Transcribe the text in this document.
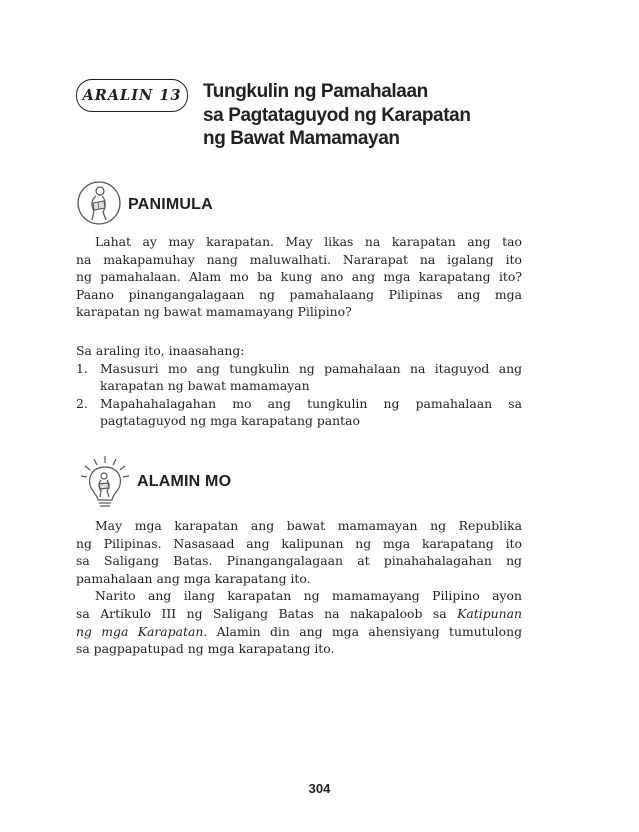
ARALIN 13 Tungkulin ng Pamahalaan
sa Pagtataguyod ng Karapatan
ng Bawat Mamamayan
PANIMULA
Lahat ay may karapatan. May likas na karapatan ang tao
na makapamuhay nang maluwalhati. Nararapat na igalang ito
ng pamahalaan. Alam mo ba kung ano ang mga karapatang ito?
Paano pinangangalagaan ng pamahalaang Pilipinas ang mga
karapatan ng bawat mamamayang Pilipino?
Sa araling ito, inaasahang:
1. Masusuri mo ang tungkulin ng pamahalaan na itaguyod ang
karapatan ng bawat mamamayan
2. Mapahahalagahan mo ang tungkulin ng pamahalaan sa
pagtataguyod ng mga karapatang pantao
ALAMIN MO
May mga karapatan ang bawat mamamayan ng Republika
ng Pilipinas. Nasasaad ang kalipunan ng mga karapatang ito
sa Saligang Batas. Pinangangalagaan at pinahahalagahan ng
pamahalaan ang mga karapatang ito.
Narito ang ilang karapatan ng mamamayang Pilipino ayon
sa Artikulo III ng Saligang Batas na nakapaloob sa Katipunan
ng mga Karapatan. Alamin din ang mga ahensiyang tumutulong
sa pagpapatupad ng mga karapatang ito.
304
